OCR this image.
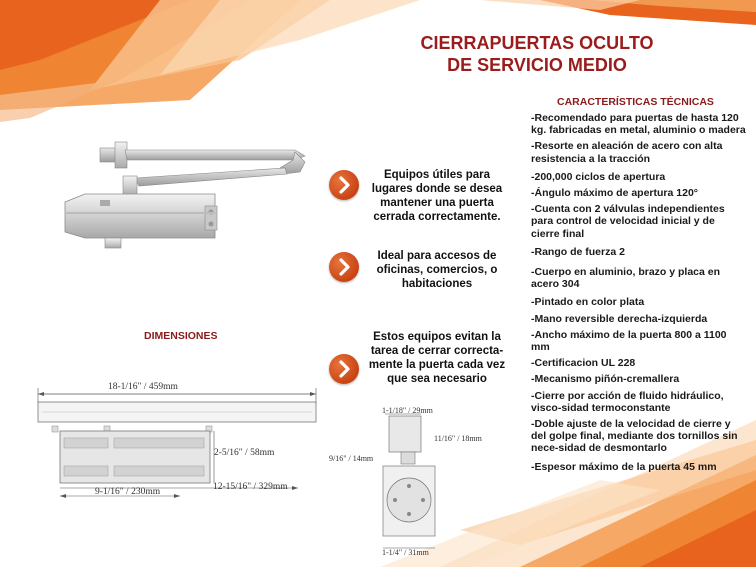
CIERRAPUERTAS OCULTO
DE SERVICIO MEDIO
CARACTERÍSTICAS TÉCNICAS
-Recomendado para puertas de hasta 120 kg. fabricadas en metal, aluminio o madera
-Resorte en aleación de acero con alta resistencia a la tracción
-200,000 ciclos de apertura
-Ángulo máximo de apertura 120°
-Cuenta con 2 válvulas independientes para control de velocidad inicial y de cierre final
-Rango de fuerza 2
-Cuerpo en aluminio, brazo y placa en acero 304
-Pintado en color plata
-Mano reversible derecha-izquierda
-Ancho máximo de la puerta 800 a 1100 mm
-Certificacion UL 228
-Mecanismo piñón-cremallera
-Cierre por acción de fluido hidráulico, visco-sidad termoconstante
-Doble ajuste de la velocidad de cierre y del golpe final, mediante dos tornillos sin nece-sidad de desmontarlo
-Espesor máximo de la puerta 45 mm
Equipos útiles para lugares donde se desea mantener una puerta cerrada correctamente.
Ideal para accesos de oficinas, comercios, o habitaciones
Estos equipos evitan la tarea de cerrar correcta-mente la puerta cada vez que sea necesario
DIMENSIONES
18-1/16" / 459mm
2-5/16" / 58mm
12-15/16" / 329mm
9-1/16" / 230mm
1-1/18" / 29mm
11/16" / 18mm
9/16" / 14mm
1-1/4" / 31mm
